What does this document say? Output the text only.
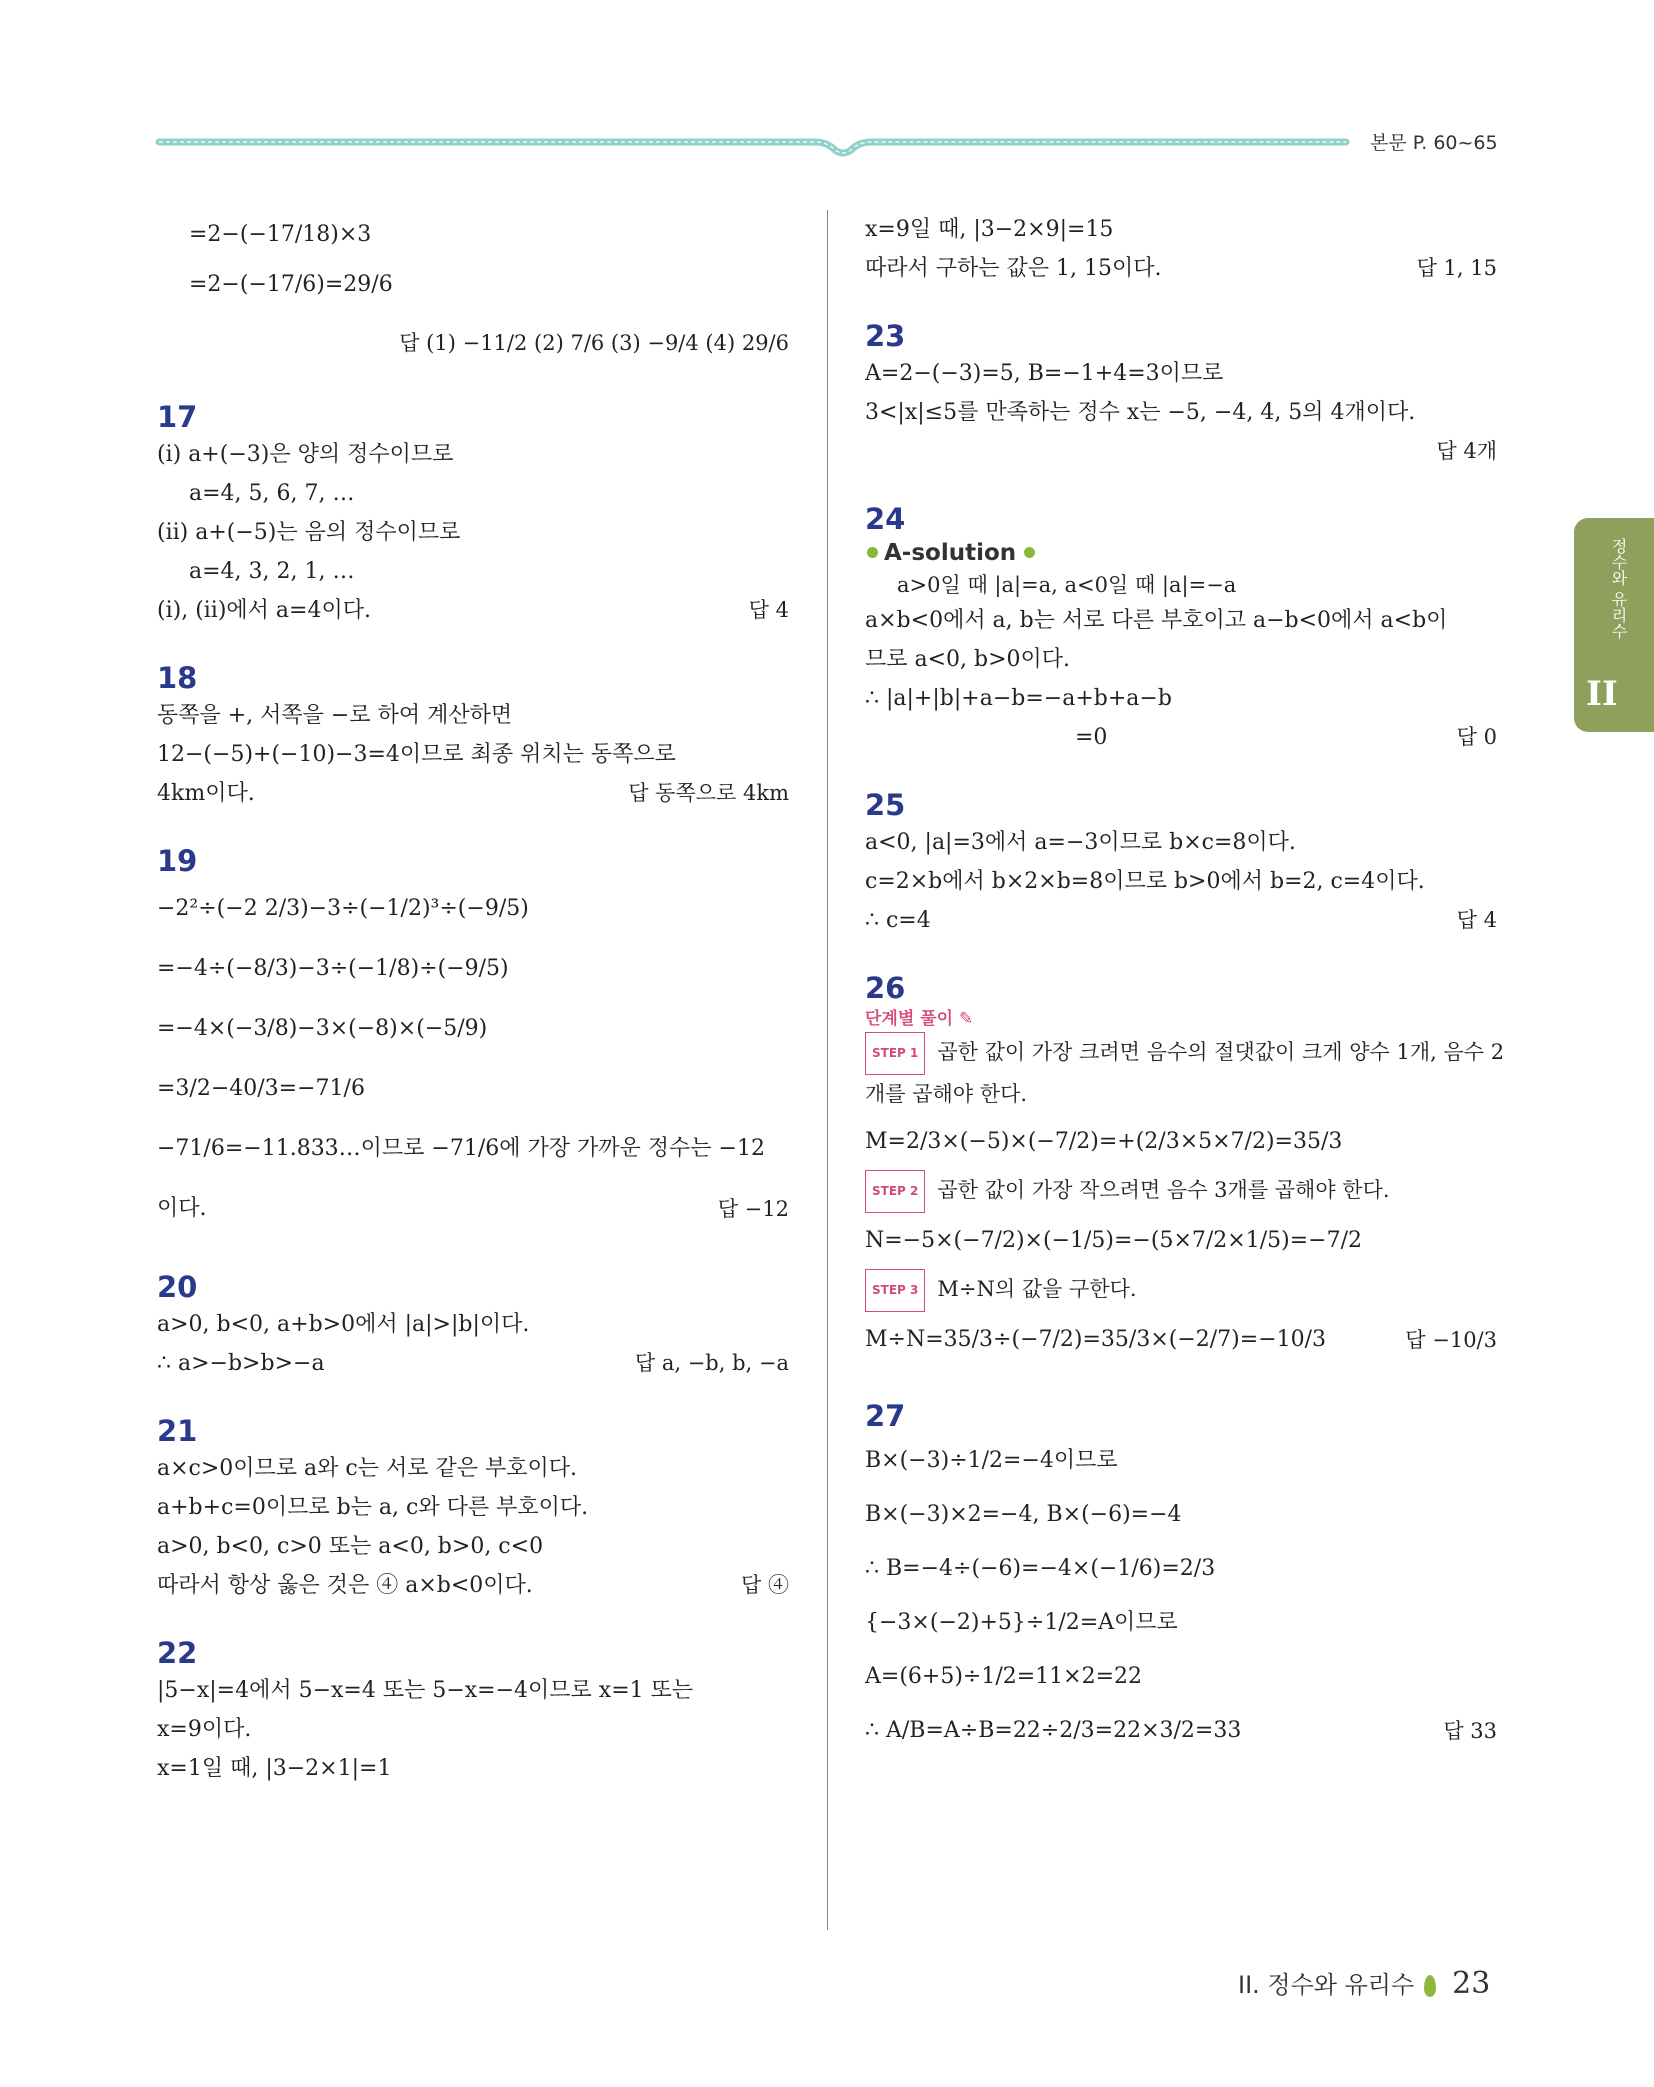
본문 P. 60~65
정수와 유리수
II
=2−(−17/18)×3
=2−(−17/6)=29/6
답 (1) −11/2 (2) 7/6 (3) −9/4 (4) 29/6
17
(ⅰ) a+(−3)은 양의 정수이므로
a=4, 5, 6, 7, …
(ⅱ) a+(−5)는 음의 정수이므로
a=4, 3, 2, 1, …
(ⅰ), (ⅱ)에서 a=4이다.	답 4
18
동쪽을 +, 서쪽을 −로 하여 계산하면
12−(−5)+(−10)−3=4이므로 최종 위치는 동쪽으로
4km이다.	답 동쪽으로 4km
19
−2²÷(−2 2/3)−3÷(−1/2)³÷(−9/5)
=−4÷(−8/3)−3÷(−1/8)÷(−9/5)
=−4×(−3/8)−3×(−8)×(−5/9)
=3/2−40/3=−71/6
−71/6=−11.833…이므로 −71/6에 가장 가까운 정수는 −12
이다.	답 −12
20
a>0, b<0, a+b>0에서 |a|>|b|이다.
∴ a>−b>b>−a	답 a, −b, b, −a
21
a×c>0이므로 a와 c는 서로 같은 부호이다.
a+b+c=0이므로 b는 a, c와 다른 부호이다.
a>0, b<0, c>0 또는 a<0, b>0, c<0
따라서 항상 옳은 것은 ④ a×b<0이다.	답 ④
22
|5−x|=4에서 5−x=4 또는 5−x=−4이므로 x=1 또는
x=9이다.
x=1일 때, |3−2×1|=1
x=9일 때, |3−2×9|=15
따라서 구하는 값은 1, 15이다.	답 1, 15
23
A=2−(−3)=5, B=−1+4=3이므로
3<|x|≤5를 만족하는 정수 x는 −5, −4, 4, 5의 4개이다.
답 4개
24
A-solution
a>0일 때 |a|=a, a<0일 때 |a|=−a
a×b<0에서 a, b는 서로 다른 부호이고 a−b<0에서 a<b이
므로 a<0, b>0이다.
∴ |a|+|b|+a−b=−a+b+a−b
=0	답 0
25
a<0, |a|=3에서 a=−3이므로 b×c=8이다.
c=2×b에서 b×2×b=8이므로 b>0에서 b=2, c=4이다.
∴ c=4	답 4
26
단계별 풀이 ✎
STEP 1 곱한 값이 가장 크려면 음수의 절댓값이 크게 양수 1개, 음수 2
개를 곱해야 한다.
M=2/3×(−5)×(−7/2)=+(2/3×5×7/2)=35/3
STEP 2 곱한 값이 가장 작으려면 음수 3개를 곱해야 한다.
N=−5×(−7/2)×(−1/5)=−(5×7/2×1/5)=−7/2
STEP 3 M÷N의 값을 구한다.
M÷N=35/3÷(−7/2)=35/3×(−2/7)=−10/3	답 −10/3
27
B×(−3)÷1/2=−4이므로
B×(−3)×2=−4, B×(−6)=−4
∴ B=−4÷(−6)=−4×(−1/6)=2/3
{−3×(−2)+5}÷1/2=A이므로
A=(6+5)÷1/2=11×2=22
∴ A/B=A÷B=22÷2/3=22×3/2=33	답 33
II. 정수와 유리수 23
